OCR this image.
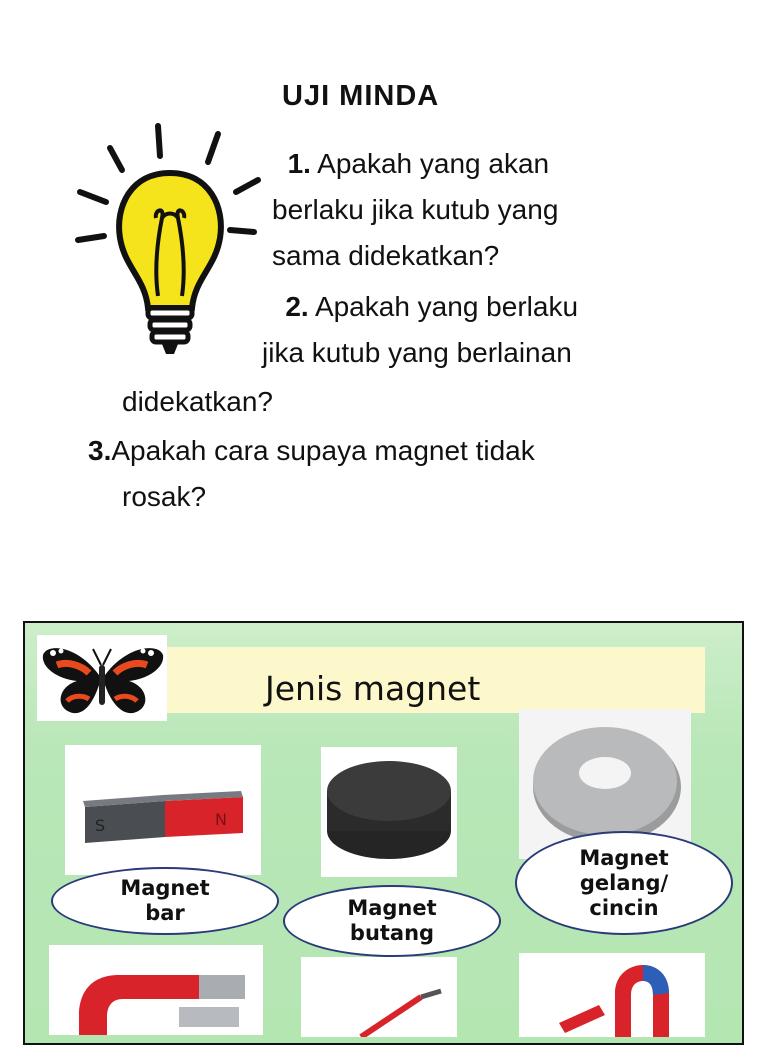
UJI MINDA
1. Apakah yang akan
berlaku jika kutub yang
sama didekatkan?
2. Apakah yang berlaku
jika kutub yang berlainan
didekatkan?
3.Apakah cara supaya magnet tidak
rosak?
Jenis magnet
S	N
Magnet
bar	Magnet
butang
Magnet
gelang/
cincin
